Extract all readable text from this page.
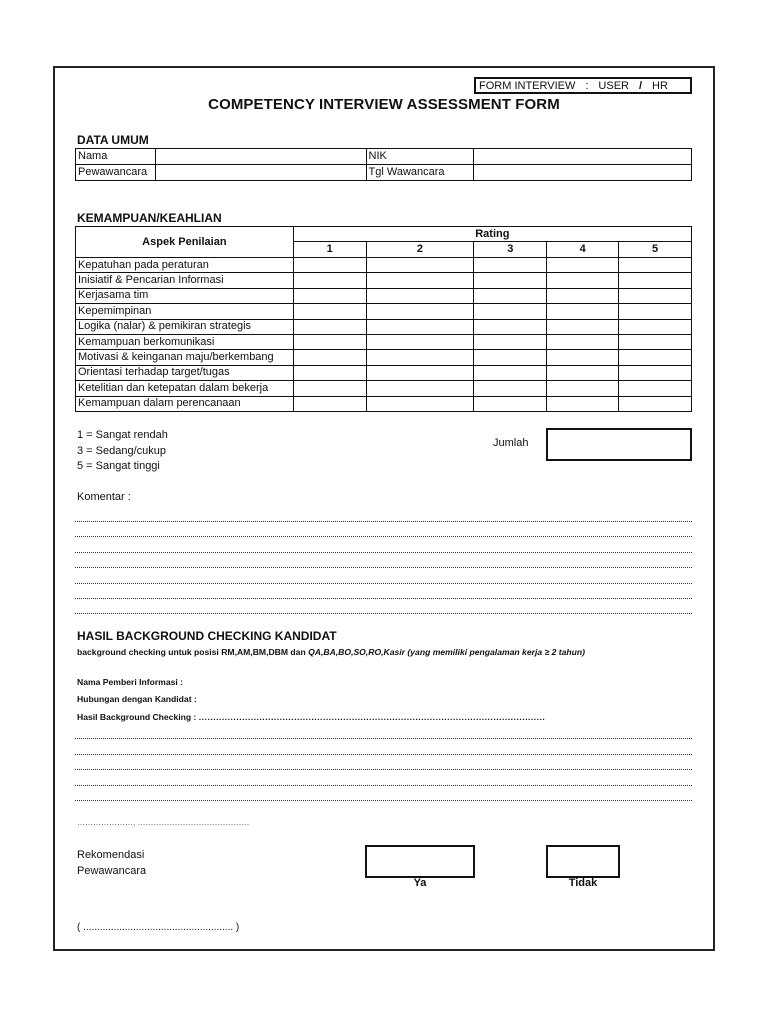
FORM INTERVIEW : USER / HR
COMPETENCY INTERVIEW ASSESSMENT FORM
DATA UMUM
Nama		NIK	
Pewawancara		Tgl Wawancara	
KEMAMPUAN/KEAHLIAN
Aspek Penilaian	Rating				
	1	2	3	4	5
Kepatuhan pada peraturan					
Inisiatif & Pencarian Informasi					
Kerjasama tim					
Kepemimpinan					
Logika (nalar) & pemikiran strategis					
Kemampuan berkomunikasi					
Motivasi & keinganan maju/berkembang					
Orientasi terhadap target/tugas					
Ketelitian dan ketepatan dalam bekerja					
Kemampuan dalam perencanaan					
1 = Sangat rendah
3 = Sedang/cukup
5 = Sangat tinggi
Jumlah
Komentar :
HASIL BACKGROUND CHECKING KANDIDAT
background checking untuk posisi RM,AM,BM,DBM dan QA,BA,BO,SO,RO,Kasir (yang memiliki pengalaman kerja ≥ 2 tahun)
Nama Pemberi Informasi :
Hubungan dengan Kandidat :
Hasil Background Checking : ........................................................................................................................
…………………, ……………………………………
Rekomendasi
Pewawancara
Ya	Tidak
( ...................................................... )
